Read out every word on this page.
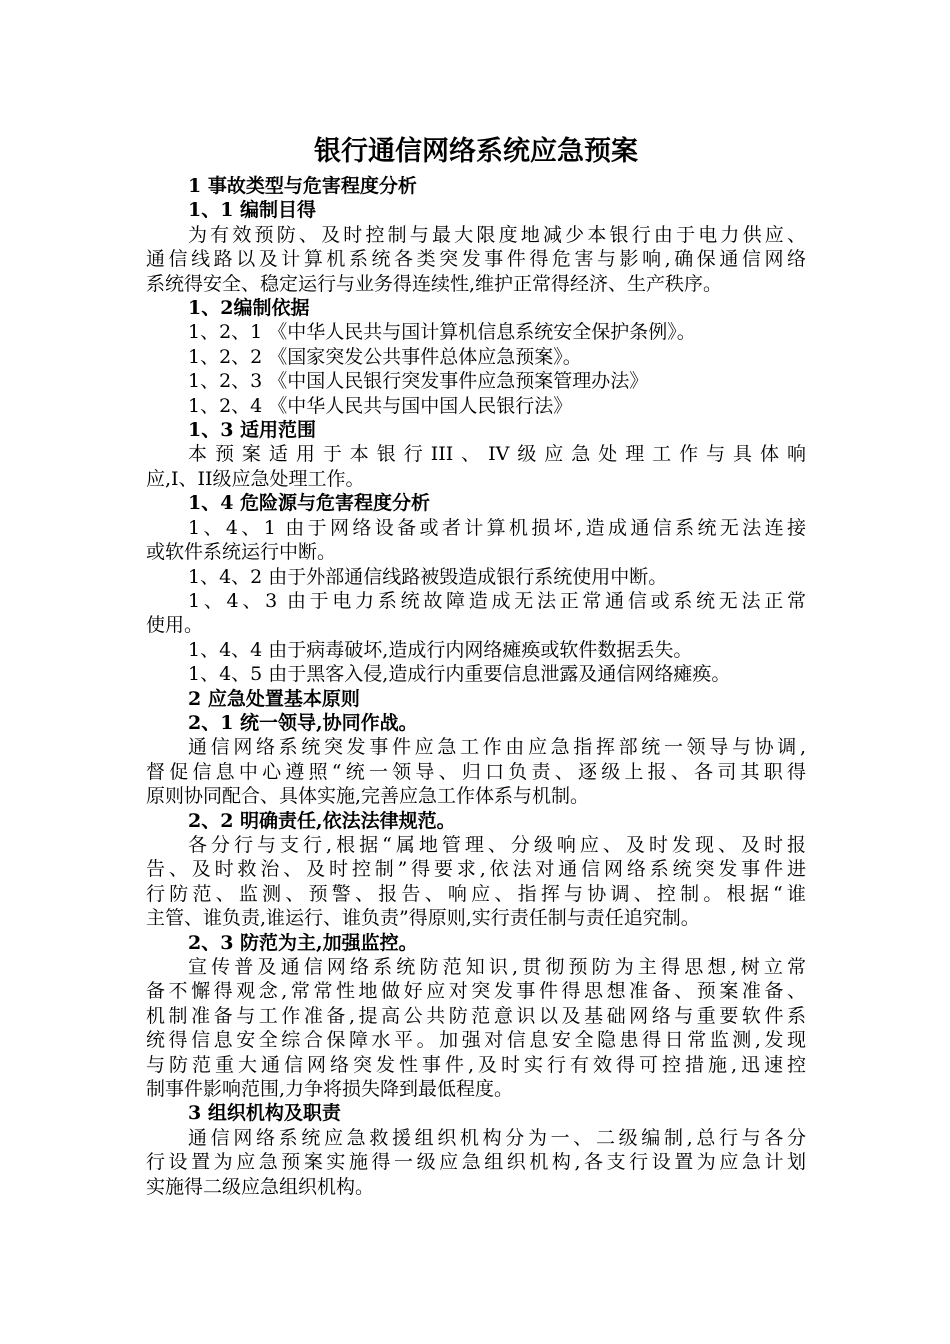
银行通信网络系统应急预案
1 事故类型与危害程度分析
1、1 编制目得
为有效预防、及时控制与最大限度地减少本银行由于电力供应、
通信线路以及计算机系统各类突发事件得危害与影响,确保通信网络
系统得安全、稳定运行与业务得连续性,维护正常得经济、生产秩序。
1、2编制依据
1、2、1 《中华人民共与国计算机信息系统安全保护条例》。
1、2、2 《国家突发公共事件总体应急预案》。
1、2、3 《中国人民银行突发事件应急预案管理办法》
1、2、4 《中华人民共与国中国人民银行法》
1、3 适用范围
本预案适用于本银行III、IV级应急处理工作与具体响
应,I、II级应急处理工作。
1、4 危险源与危害程度分析
1、4、1 由于网络设备或者计算机损坏,造成通信系统无法连接
或软件系统运行中断。
1、4、2 由于外部通信线路被毁造成银行系统使用中断。
1、4、3 由于电力系统故障造成无法正常通信或系统无法正常
使用。
1、4、4 由于病毒破坏,造成行内网络瘫痪或软件数据丢失。
1、4、5 由于黑客入侵,造成行内重要信息泄露及通信网络瘫痪。
2 应急处置基本原则
2、1 统一领导,协同作战。
通信网络系统突发事件应急工作由应急指挥部统一领导与协调,
督促信息中心遵照“统一领导、归口负责、逐级上报、各司其职得
原则协同配合、具体实施,完善应急工作体系与机制。
2、2 明确责任,依法法律规范。
各分行与支行,根据“属地管理、分级响应、及时发现、及时报
告、及时救治、及时控制”得要求,依法对通信网络系统突发事件进
行防范、监测、预警、报告、响应、指挥与协调、控制。根据“谁
主管、谁负责,谁运行、谁负责”得原则,实行责任制与责任追究制。
2、3 防范为主,加强监控。
宣传普及通信网络系统防范知识,贯彻预防为主得思想,树立常
备不懈得观念,常常性地做好应对突发事件得思想准备、预案准备、
机制准备与工作准备,提高公共防范意识以及基础网络与重要软件系
统得信息安全综合保障水平。加强对信息安全隐患得日常监测,发现
与防范重大通信网络突发性事件,及时实行有效得可控措施,迅速控
制事件影响范围,力争将损失降到最低程度。
3 组织机构及职责
通信网络系统应急救援组织机构分为一、二级编制,总行与各分
行设置为应急预案实施得一级应急组织机构,各支行设置为应急计划
实施得二级应急组织机构。
